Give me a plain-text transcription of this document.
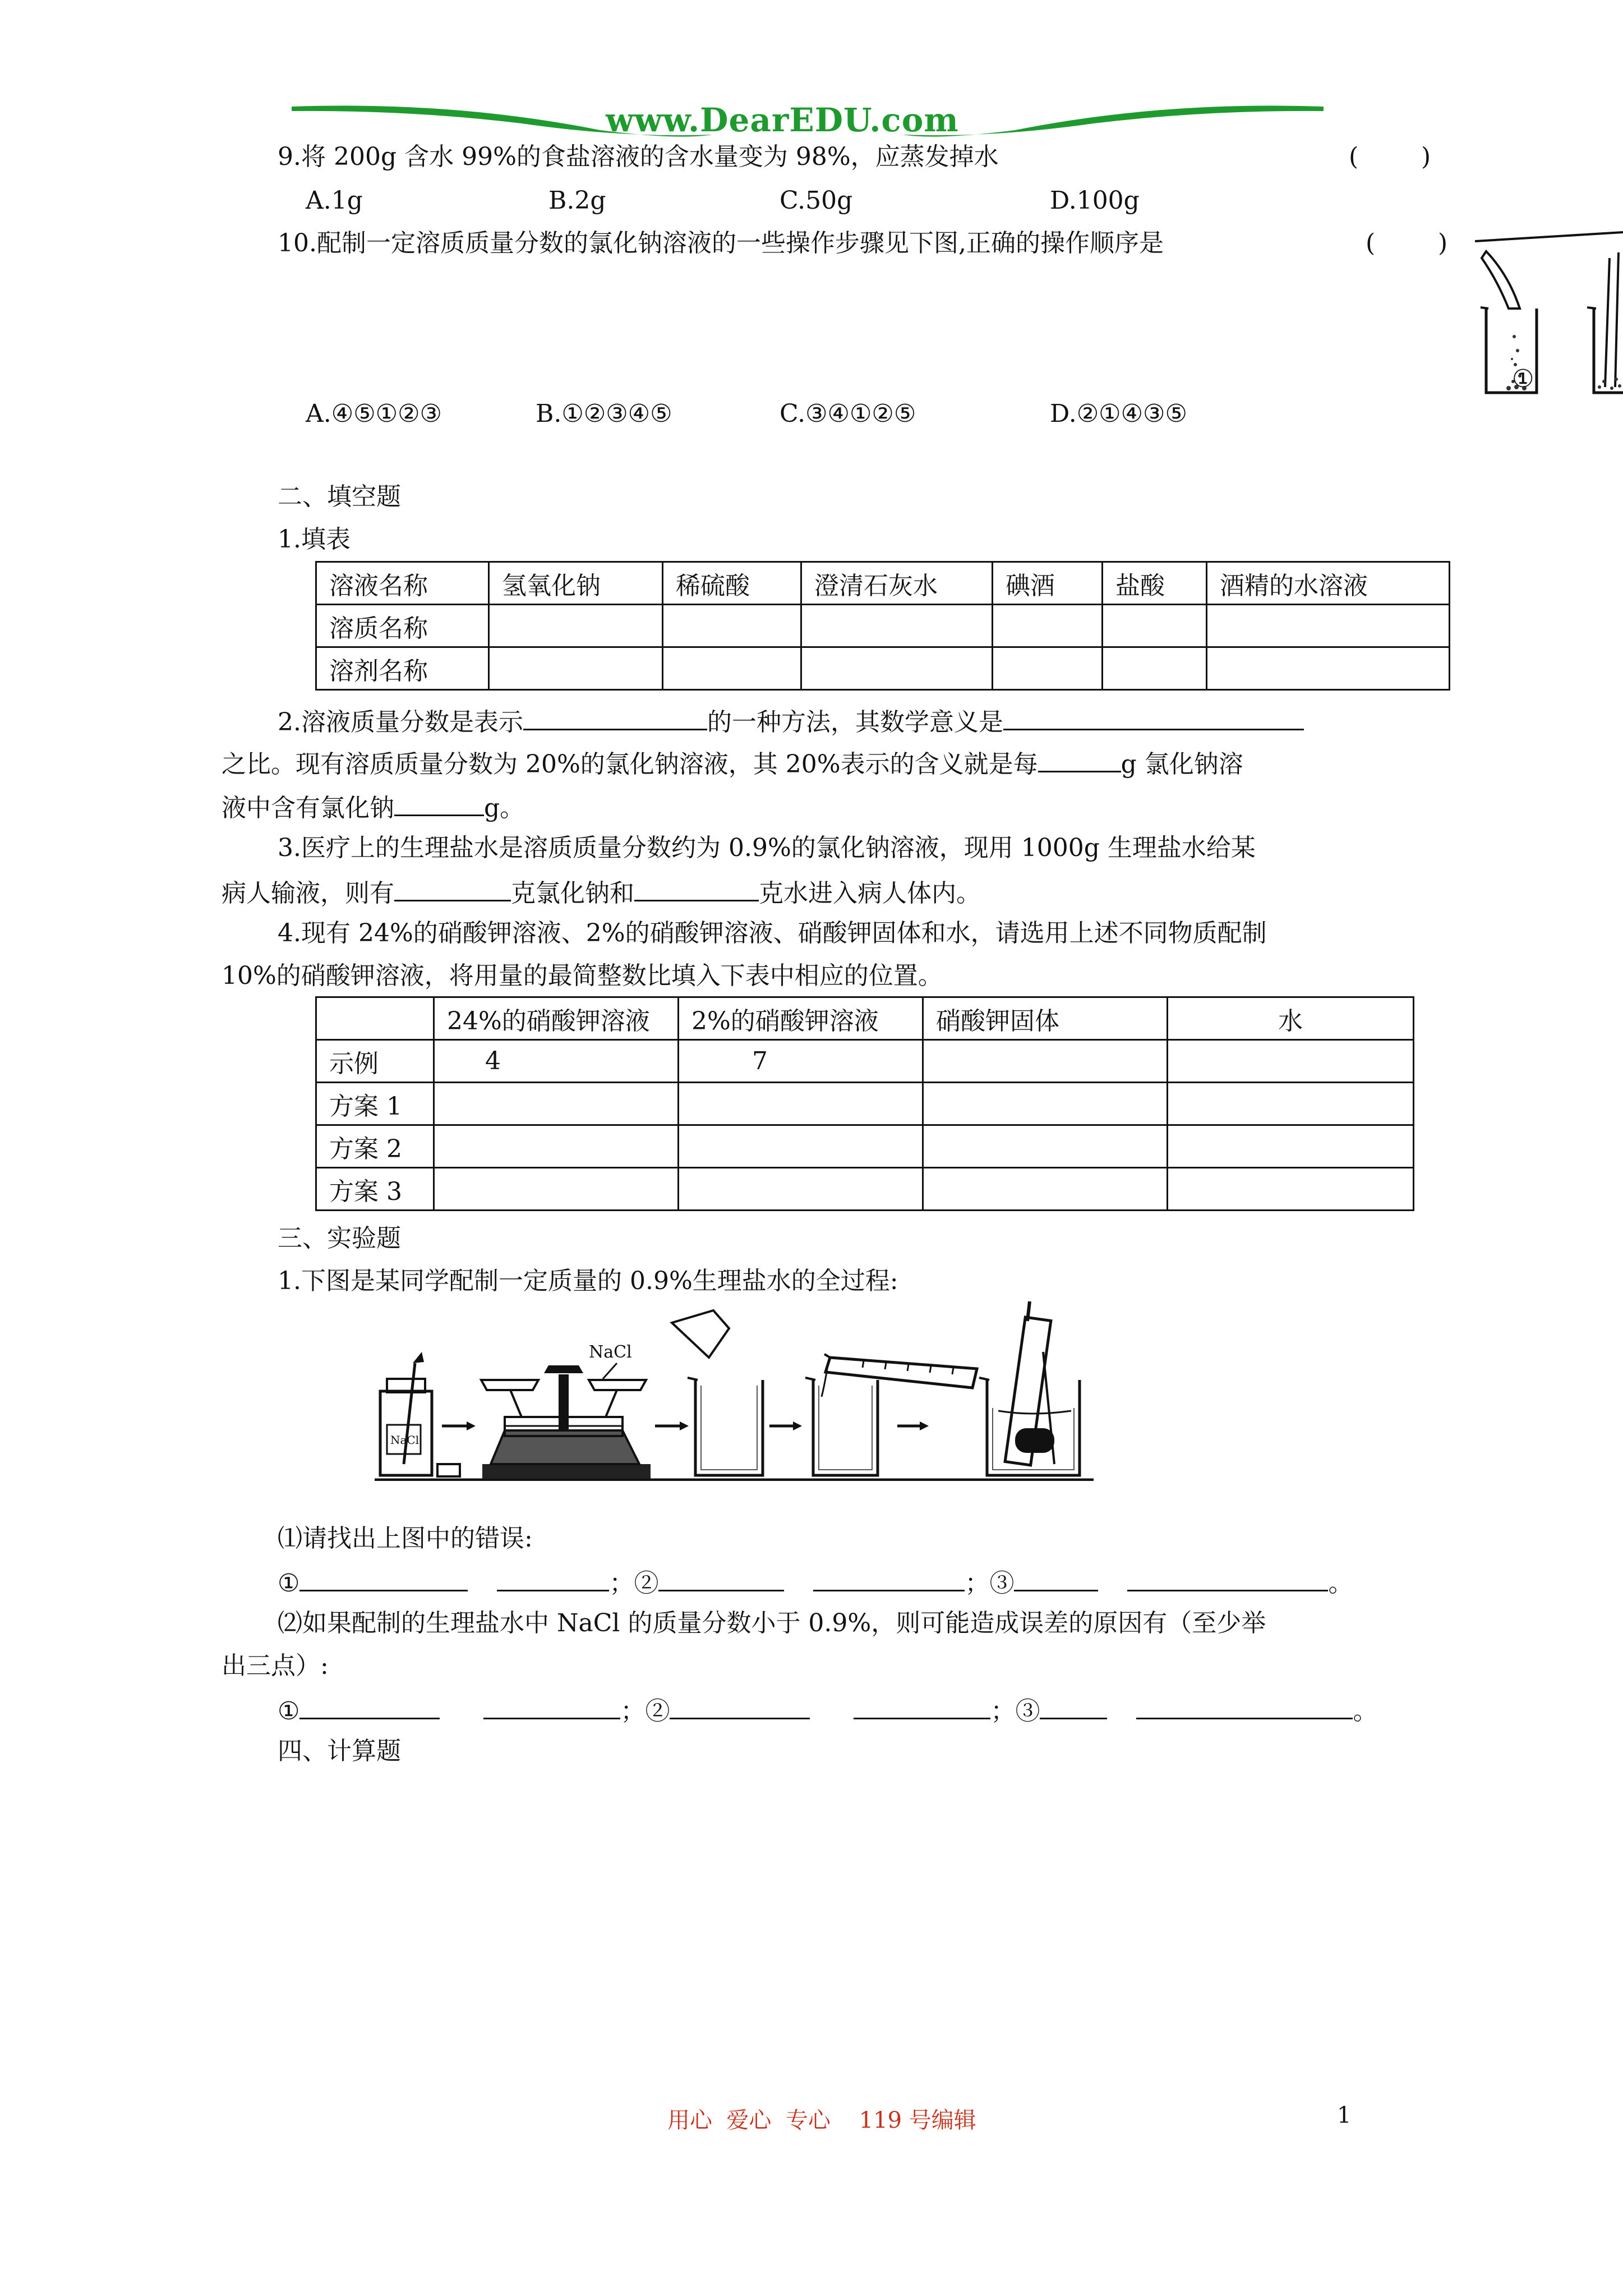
www.DearEDU.com
9.将 200g 含水 99%的食盐溶液的含水量变为 98%，应蒸发掉水	(        )
A.1g	B.2g	C.50g	D.100g
10.配制一定溶质质量分数的氯化钠溶液的一些操作步骤见下图,正确的操作顺序是	(        )
①
A.④⑤①②③	B.①②③④⑤	C.③④①②⑤	D.②①④③⑤
二、填空题
1.填表
溶液名称	氢氧化钠	稀硫酸	澄清石灰水	碘酒	盐酸	酒精的水溶液
溶质名称						
溶剂名称						
2.溶液质量分数是表示	的一种方法，其数学意义是
之比。现有溶质质量分数为 20%的氯化钠溶液，其 20%表示的含义就是每	g 氯化钠溶
液中含有氯化钠	g。
3.医疗上的生理盐水是溶质质量分数约为 0.9%的氯化钠溶液，现用 1000g 生理盐水给某
病人输液，则有	克氯化钠和	克水进入病人体内。
4.现有 24%的硝酸钾溶液、2%的硝酸钾溶液、硝酸钾固体和水，请选用上述不同物质配制
10%的硝酸钾溶液，将用量的最简整数比填入下表中相应的位置。
	24%的硝酸钾溶液	2%的硝酸钾溶液	硝酸钾固体	水
示例	4	7		
方案 1				
方案 2				
方案 3				
三、实验题
1.下图是某同学配制一定质量的 0.9%生理盐水的全过程:
NaCl
NaCl
⑴请找出上图中的错误:
①	；②	；③	。
⑵如果配制的生理盐水中 NaCl 的质量分数小于 0.9%，则可能造成误差的原因有（至少举
出三点）:
①	；②	；③	。
四、计算题
用心  爱心  专心    119 号编辑	1
